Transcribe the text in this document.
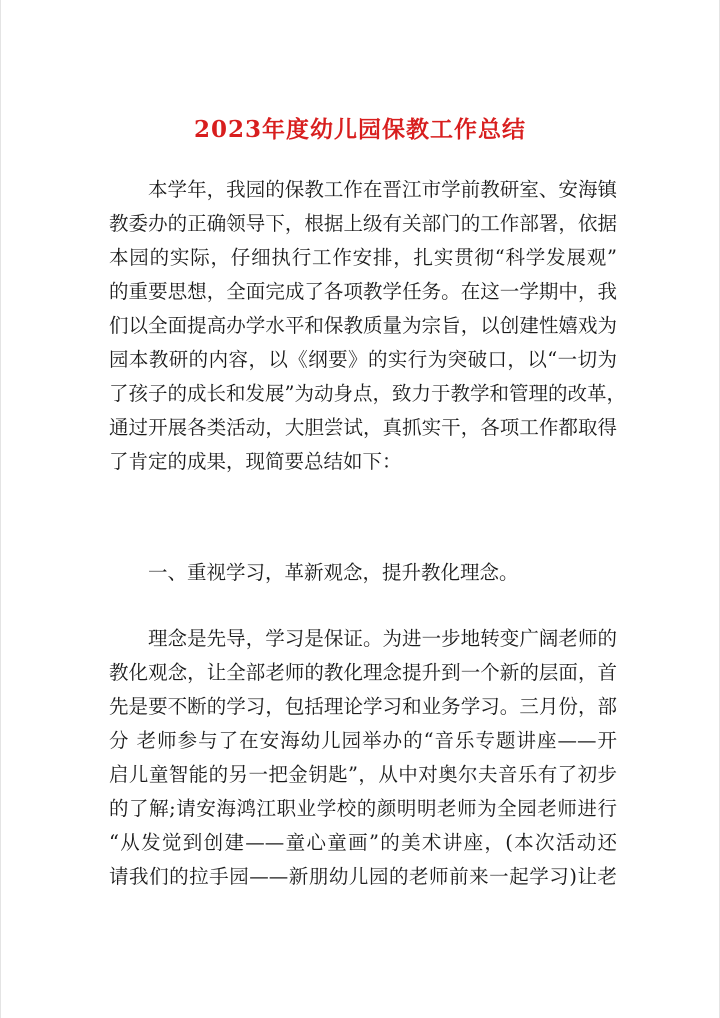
2023年度幼儿园保教工作总结
本学年，我园的保教工作在晋江市学前教研室、安海镇
教委办的正确领导下，根据上级有关部门的工作部署，依据
本园的实际，仔细执行工作安排，扎实贯彻“科学发展观”
的重要思想，全面完成了各项教学任务。在这一学期中，我
们以全面提高办学水平和保教质量为宗旨，以创建性嬉戏为
园本教研的内容，以《纲要》的实行为突破口，以“一切为
了孩子的成长和发展”为动身点，致力于教学和管理的改革，
通过开展各类活动，大胆尝试，真抓实干，各项工作都取得
了肯定的成果，现简要总结如下：
一、重视学习，革新观念，提升教化理念。
理念是先导，学习是保证。为进一步地转变广阔老师的
教化观念，让全部老师的教化理念提升到一个新的层面，首
先是要不断的学习，包括理论学习和业务学习。三月份，部
分 老师参与了在安海幼儿园举办的“音乐专题讲座——开
启儿童智能的另一把金钥匙”，从中对奥尔夫音乐有了初步
的了解;请安海鸿江职业学校的颜明明老师为全园老师进行
“从发觉到创建——童心童画”的美术讲座，(本次活动还
请我们的拉手园——新朋幼儿园的老师前来一起学习)让老
